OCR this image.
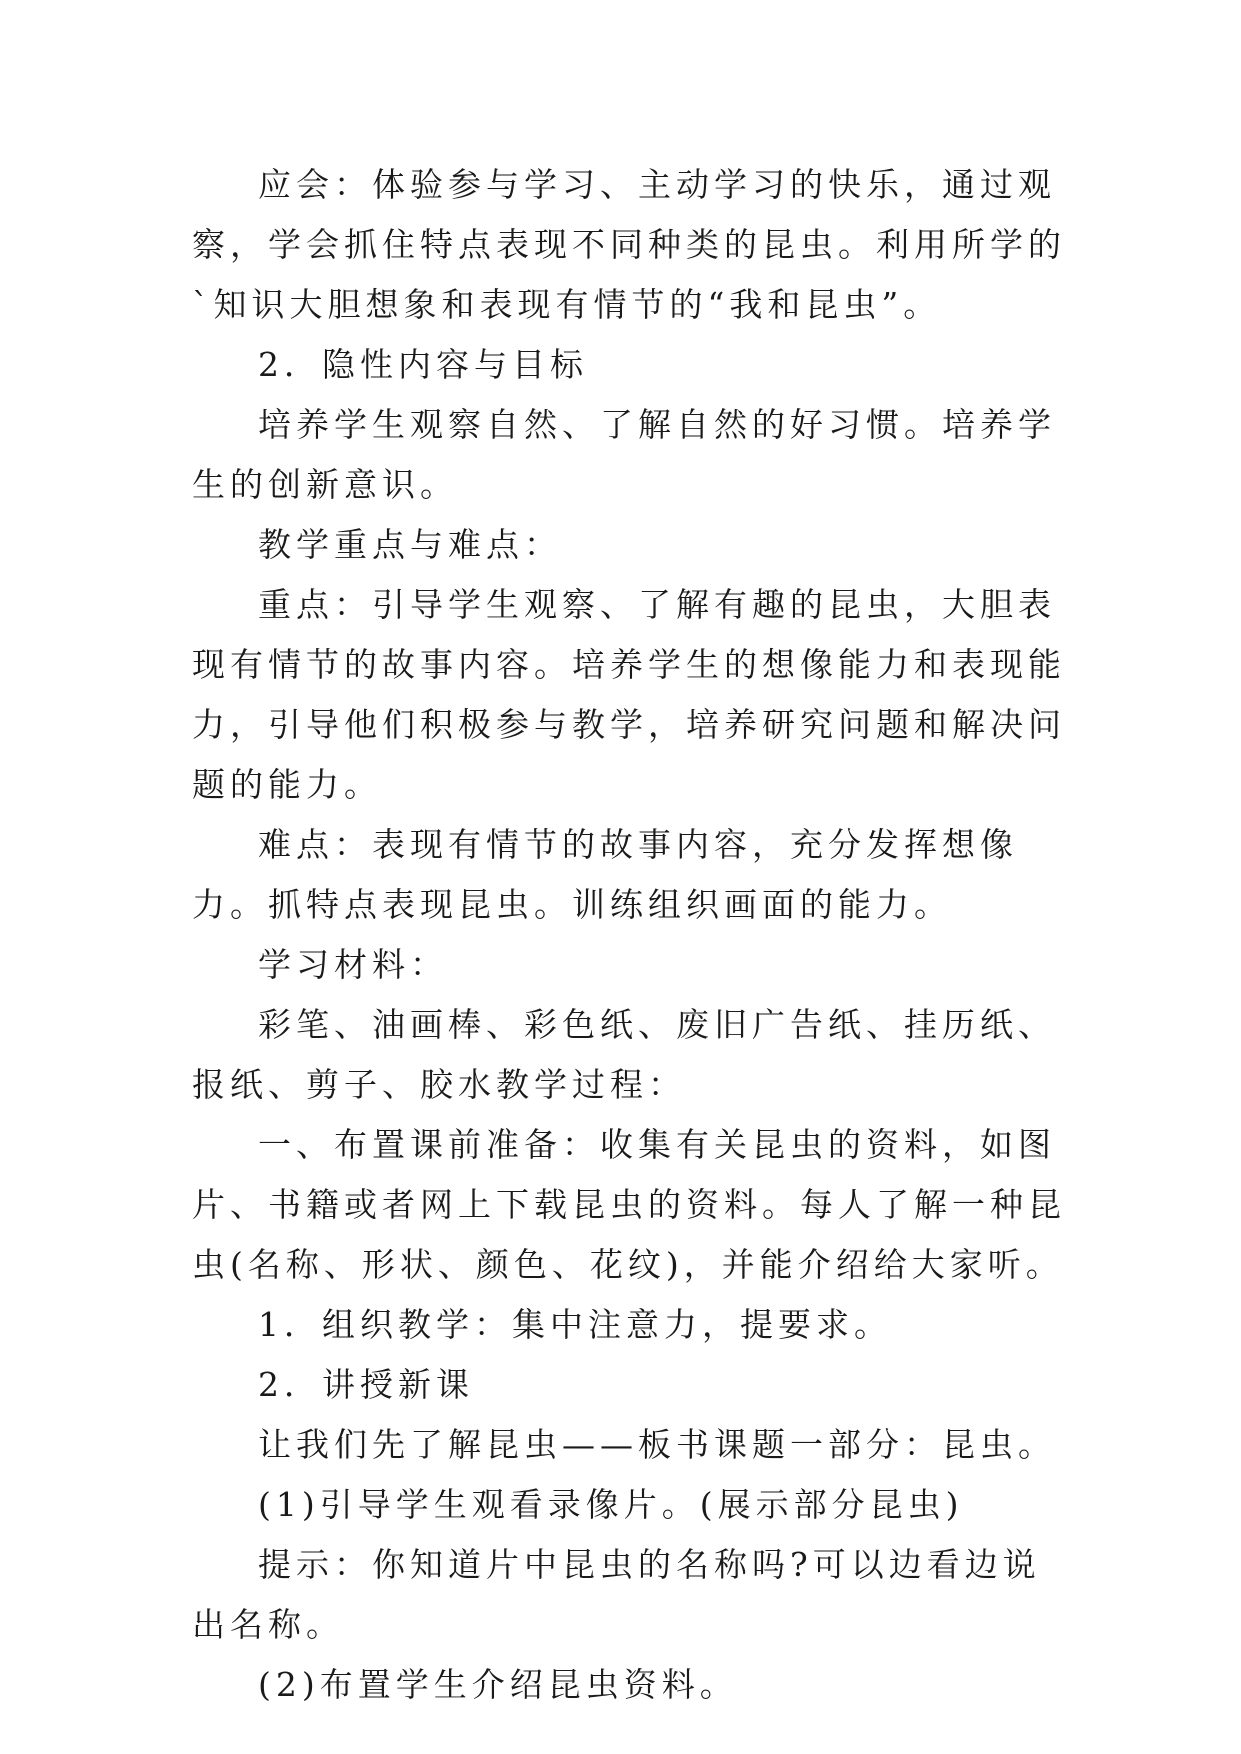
应会：体验参与学习、主动学习的快乐，通过观察，学会抓住特点表现不同种类的昆虫。利用所学的`知识大胆想象和表现有情节的“我和昆虫”。

2．隐性内容与目标

培养学生观察自然、了解自然的好习惯。培养学生的创新意识。

教学重点与难点：

重点：引导学生观察、了解有趣的昆虫，大胆表现有情节的故事内容。培养学生的想像能力和表现能力，引导他们积极参与教学，培养研究问题和解决问题的能力。

难点：表现有情节的故事内容，充分发挥想像力。抓特点表现昆虫。训练组织画面的能力。

学习材料：

彩笔、油画棒、彩色纸、废旧广告纸、挂历纸、报纸、剪子、胶水教学过程：

一、布置课前准备：收集有关昆虫的资料，如图片、书籍或者网上下载昆虫的资料。每人了解一种昆虫(名称、形状、颜色、花纹)，并能介绍给大家听。

1．组织教学：集中注意力，提要求。

2．讲授新课

让我们先了解昆虫——板书课题一部分：昆虫。

(1)引导学生观看录像片。(展示部分昆虫)

提示：你知道片中昆虫的名称吗?可以边看边说出名称。

(2)布置学生介绍昆虫资料。
